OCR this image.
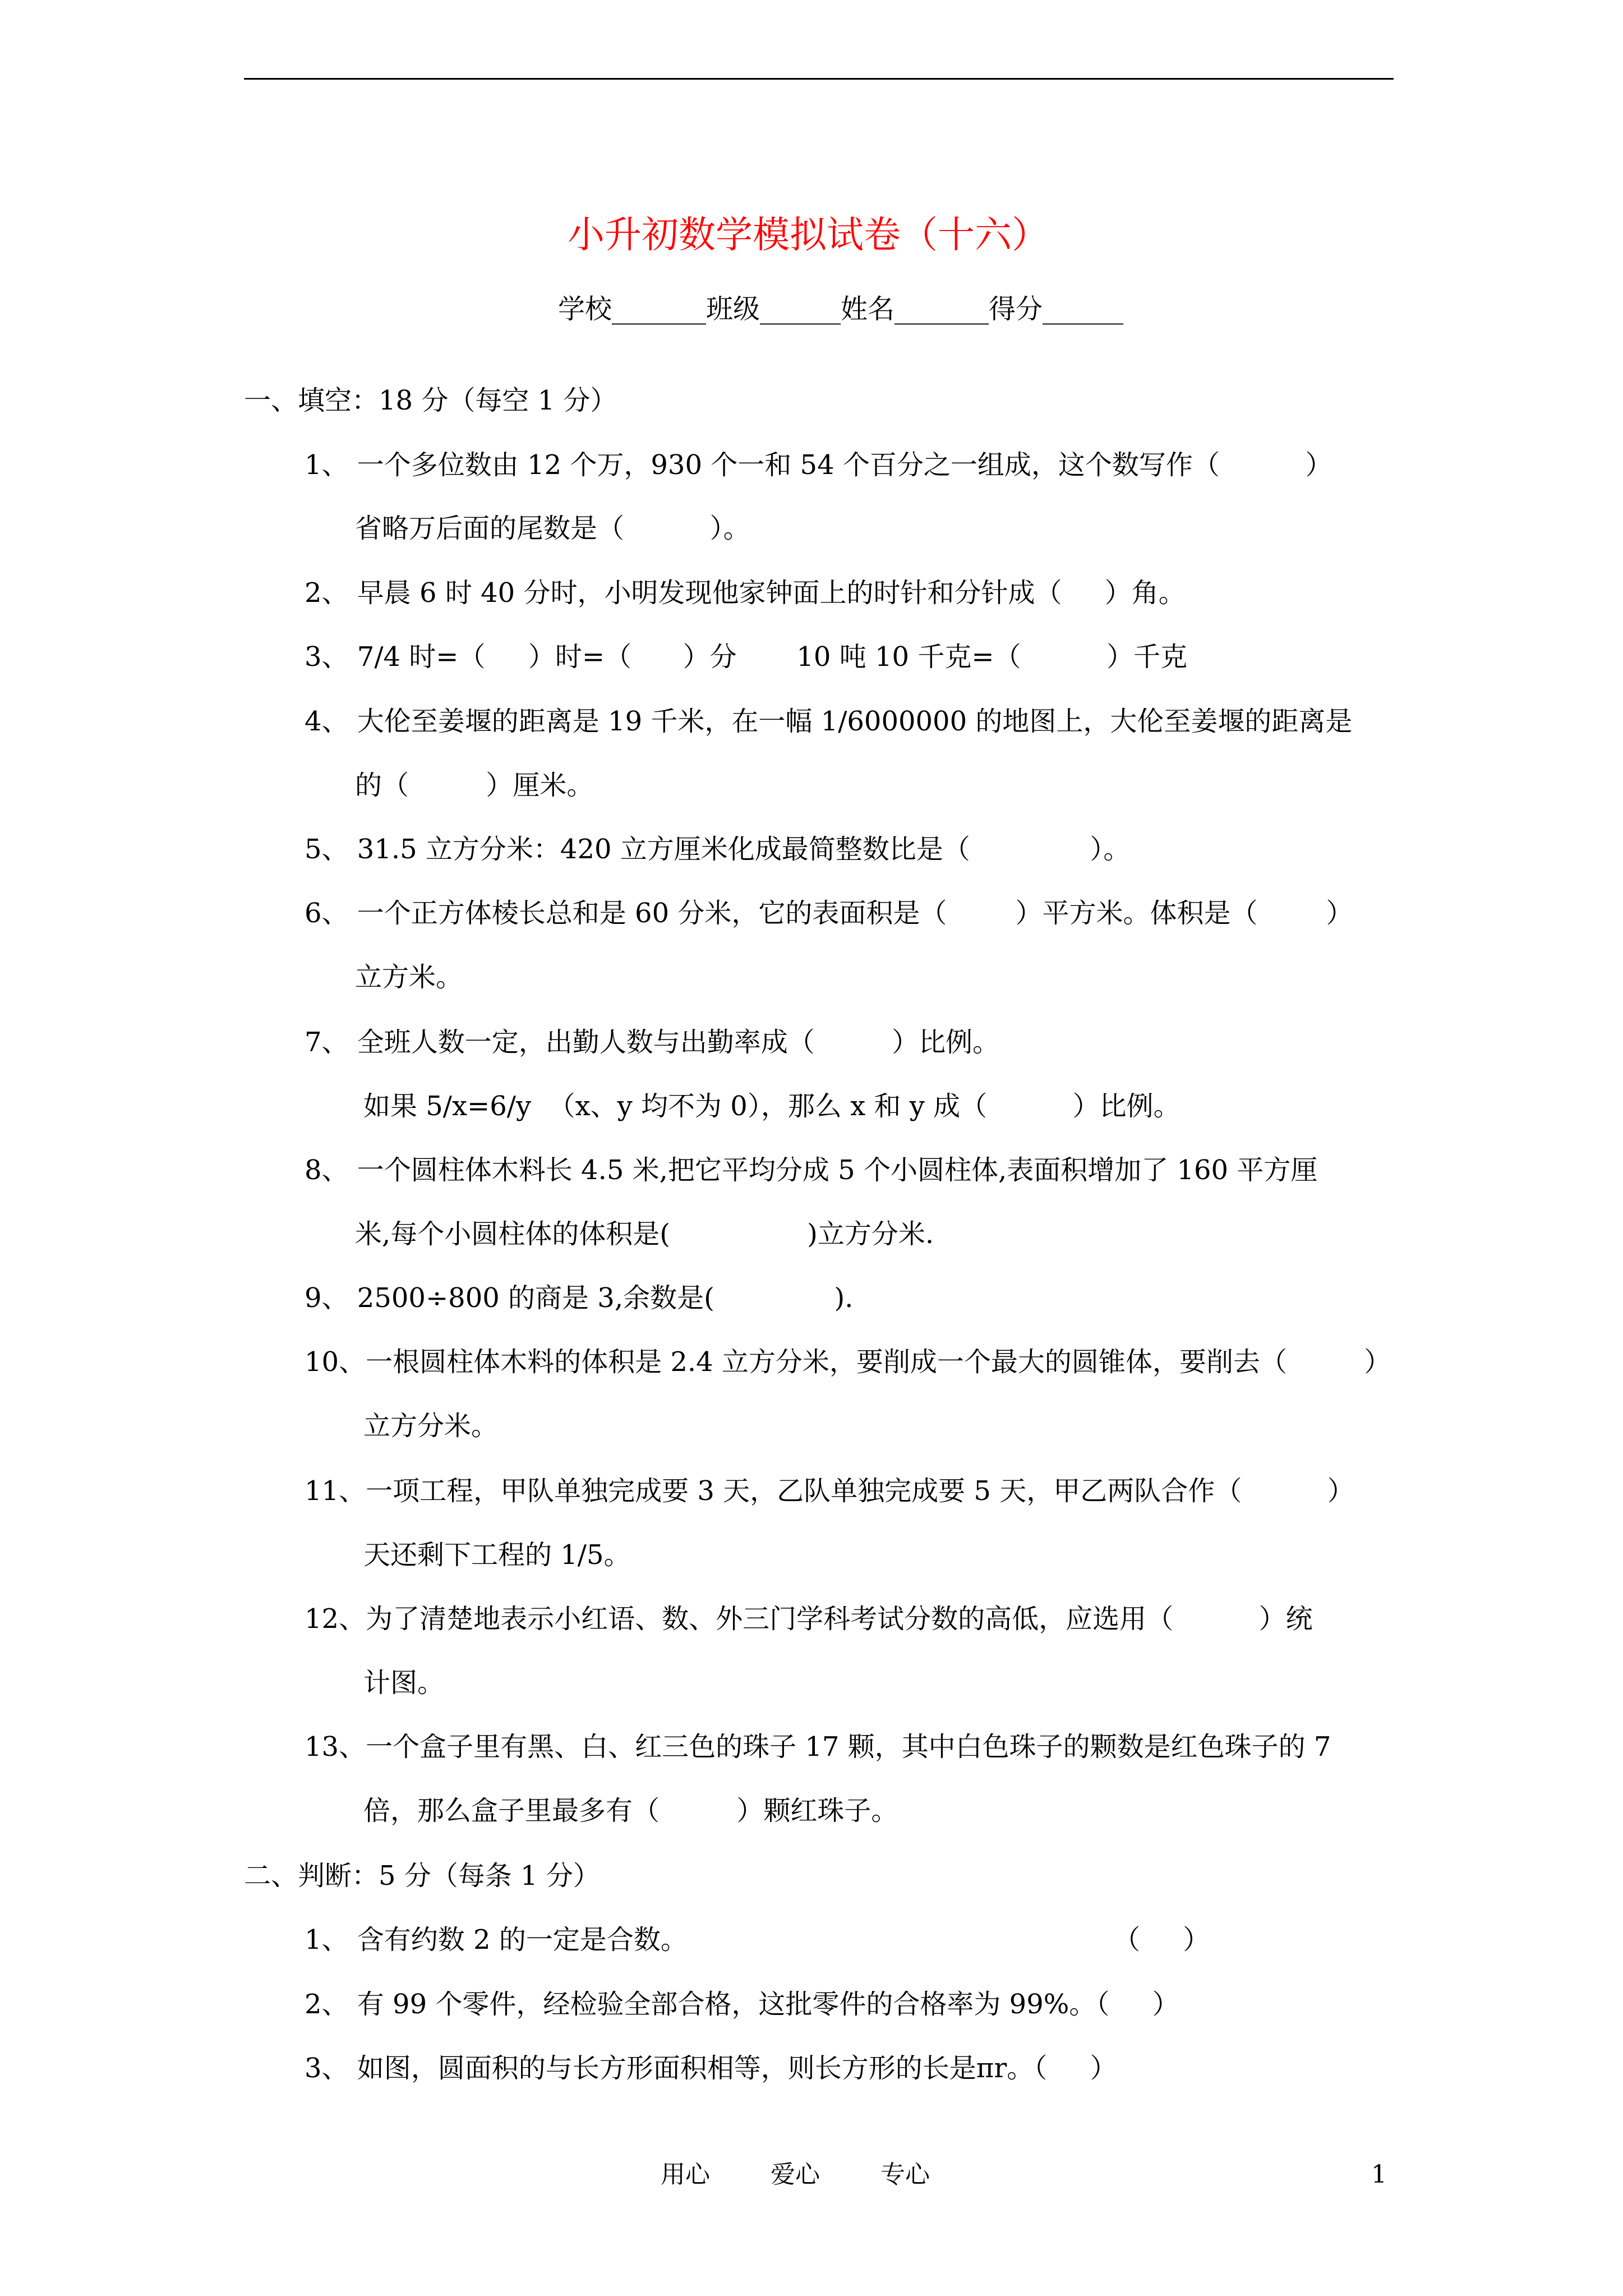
小升初数学模拟试卷（十六）
学校_______班级______姓名_______得分______
一、填空：18 分（每空 1 分）
1、 一个多位数由 12 个万，930 个一和 54 个百分之一组成，这个数写作（          ）
省略万后面的尾数是（          ）。
2、 早晨 6 时 40 分时，小明发现他家钟面上的时针和分针成（     ）角。
3、 7/4 时=（     ）时=（      ）分       10 吨 10 千克=（          ）千克
4、 大伦至姜堰的距离是 19 千米，在一幅 1/6000000 的地图上，大伦至姜堰的距离是
的（         ）厘米。
5、 31.5 立方分米：420 立方厘米化成最简整数比是（              ）。
6、 一个正方体棱长总和是 60 分米，它的表面积是（        ）平方米。体积是（        ）
立方米。
7、 全班人数一定，出勤人数与出勤率成（         ）比例。
如果 5/x=6/y  （x、y 均不为 0），那么 x 和 y 成（          ）比例。
8、 一个圆柱体木料长 4.5 米,把它平均分成 5 个小圆柱体,表面积增加了 160 平方厘
米,每个小圆柱体的体积是(                )立方分米.
9、 2500÷800 的商是 3,余数是(              ).
10、一根圆柱体木料的体积是 2.4 立方分米，要削成一个最大的圆锥体，要削去（         ）
立方分米。
11、一项工程，甲队单独完成要 3 天，乙队单独完成要 5 天，甲乙两队合作（          ）
天还剩下工程的 1/5。
12、为了清楚地表示小红语、数、外三门学科考试分数的高低，应选用（          ）统
计图。
13、一个盒子里有黑、白、红三色的珠子 17 颗，其中白色珠子的颗数是红色珠子的 7
倍，那么盒子里最多有（         ）颗红珠子。
二、判断：5 分（每条 1 分）
1、 含有约数 2 的一定是合数。	（     ）
2、 有 99 个零件，经检验全部合格，这批零件的合格率为 99%。（     ）
3、 如图，圆面积的与长方形面积相等，则长方形的长是πr。（     ）
用心 爱心 专心	1
